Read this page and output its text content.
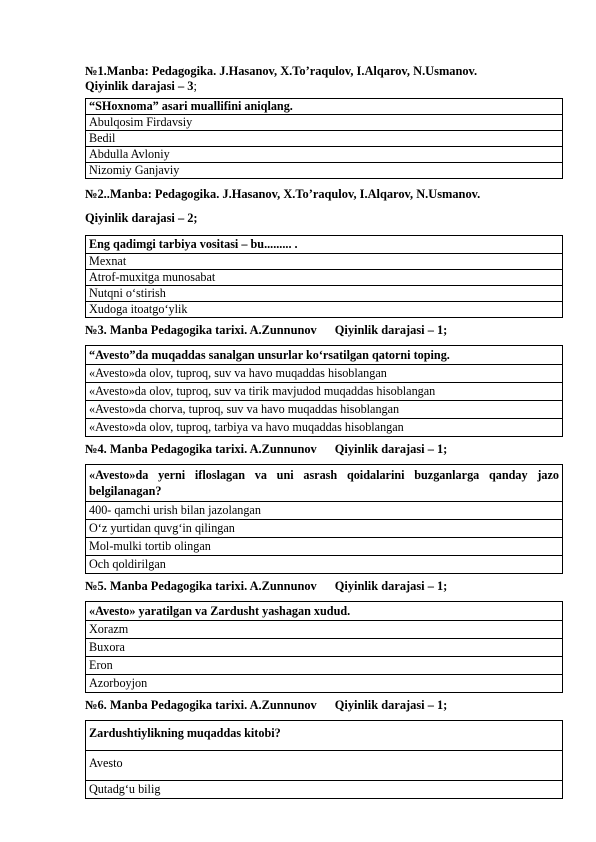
№1.Manba: Pedagogika. J.Hasanov, X.To’raqulov, I.Alqarov, N.Usmanov.
Qiyinlik darajasi – 3;
“SHoxnoma” asari muallifini aniqlang.
Abulqosim Firdavsiy
Bedil
Abdulla Avloniy
Nizomiy Ganjaviy
№2..Manba: Pedagogika. J.Hasanov, X.To’raqulov, I.Alqarov, N.Usmanov.
Qiyinlik darajasi – 2;
Eng qadimgi tarbiya vositasi – bu......... .
Mexnat
Atrof-muxitga munosabat
Nutqni o‘stirish
Xudoga itoatgo‘ylik
№3. Manba Pedagogika tarixi. A.Zunnunov Qiyinlik darajasi – 1;
“Avesto”da muqaddas sanalgan unsurlar ko‘rsatilgan qatorni toping.
«Avesto»da olov, tuproq, suv va havo muqaddas hisoblangan
«Avesto»da olov, tuproq, suv va tirik mavjudod muqaddas hisoblangan
«Avesto»da chorva, tuproq, suv va havo muqaddas hisoblangan
«Avesto»da olov, tuproq, tarbiya va havo muqaddas hisoblangan
№4. Manba Pedagogika tarixi. A.Zunnunov Qiyinlik darajasi – 1;
«Avesto»da yerni ifloslagan va uni asrash qoidalarini buzganlarga qanday jazo belgilanagan?
400- qamchi urish bilan jazolangan
O‘z yurtidan quvg‘in qilingan
Mol-mulki tortib olingan
Och qoldirilgan
№5. Manba Pedagogika tarixi. A.Zunnunov Qiyinlik darajasi – 1;
«Avesto» yaratilgan va Zardusht yashagan xudud.
Xorazm
Buxora
Eron
Azorboyjon
№6. Manba Pedagogika tarixi. A.Zunnunov Qiyinlik darajasi – 1;
Zardushtiylikning muqaddas kitobi?
Avesto
Qutadg‘u bilig
